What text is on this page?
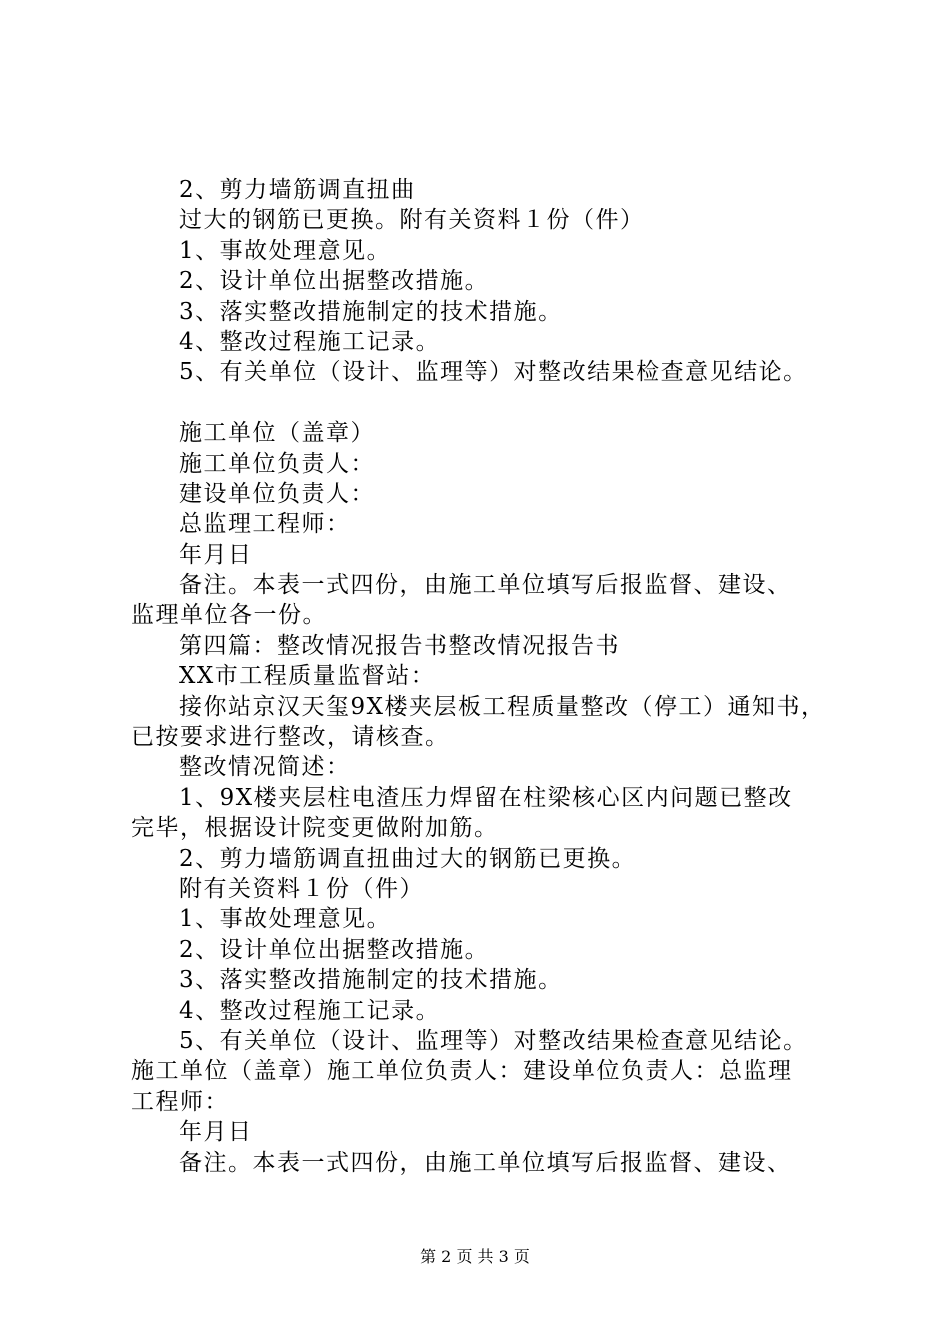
2、剪力墙筋调直扭曲
过大的钢筋已更换。附有关资料１份（件）
1、事故处理意见。
2、设计单位出据整改措施。
3、落实整改措施制定的技术措施。
4、整改过程施工记录。
5、有关单位（设计、监理等）对整改结果检查意见结论。
施工单位（盖章）
施工单位负责人：
建设单位负责人：
总监理工程师：
年月日
备注。本表一式四份，由施工单位填写后报监督、建设、
监理单位各一份。
第四篇：整改情况报告书整改情况报告书
XX市工程质量监督站：
接你站京汉天玺9X楼夹层板工程质量整改（停工）通知书，
已按要求进行整改，请核查。
整改情况简述：
1、9X楼夹层柱电渣压力焊留在柱梁核心区内问题已整改
完毕，根据设计院变更做附加筋。
2、剪力墙筋调直扭曲过大的钢筋已更换。
附有关资料１份（件）
1、事故处理意见。
2、设计单位出据整改措施。
3、落实整改措施制定的技术措施。
4、整改过程施工记录。
5、有关单位（设计、监理等）对整改结果检查意见结论。
施工单位（盖章）施工单位负责人：建设单位负责人：总监理
工程师：
年月日
备注。本表一式四份，由施工单位填写后报监督、建设、
第 2 页 共 3 页
